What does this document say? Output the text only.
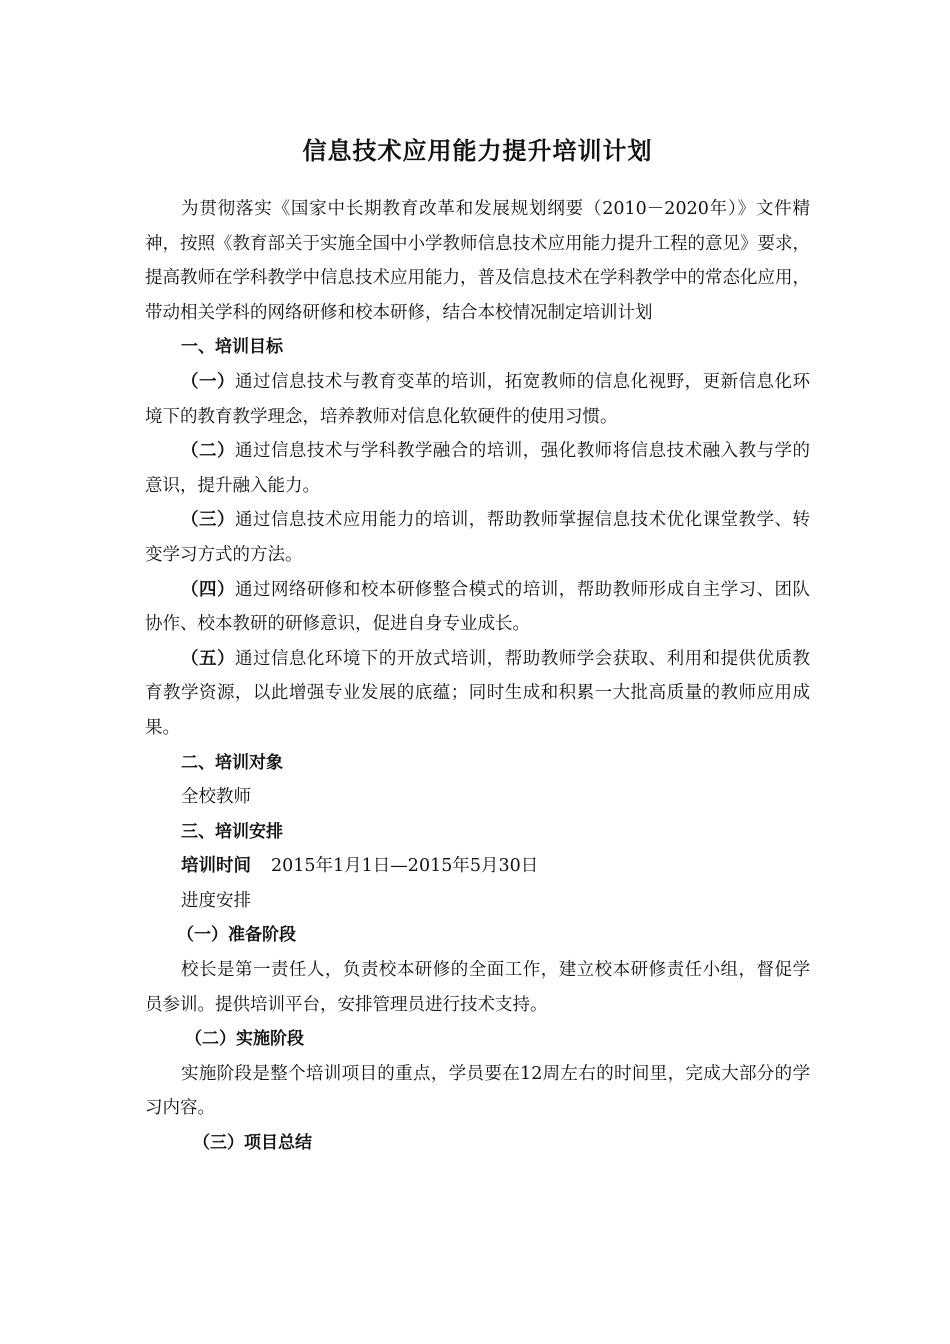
信息技术应用能力提升培训计划

为贯彻落实《国家中长期教育改革和发展规划纲要（2010－2020年）》文件精神，按照《教育部关于实施全国中小学教师信息技术应用能力提升工程的意见》要求，提高教师在学科教学中信息技术应用能力，普及信息技术在学科教学中的常态化应用，带动相关学科的网络研修和校本研修，结合本校情况制定培训计划

一、培训目标

（一）通过信息技术与教育变革的培训，拓宽教师的信息化视野，更新信息化环境下的教育教学理念，培养教师对信息化软硬件的使用习惯。

（二）通过信息技术与学科教学融合的培训，强化教师将信息技术融入教与学的意识，提升融入能力。

（三）通过信息技术应用能力的培训，帮助教师掌握信息技术优化课堂教学、转变学习方式的方法。

（四）通过网络研修和校本研修整合模式的培训，帮助教师形成自主学习、团队协作、校本教研的研修意识，促进自身专业成长。

（五）通过信息化环境下的开放式培训，帮助教师学会获取、利用和提供优质教育教学资源，以此增强专业发展的底蕴；同时生成和积累一大批高质量的教师应用成果。

二、培训对象

全校教师

三、培训安排

培训时间 2015年1月1日—2015年5月30日

进度安排

（一）准备阶段

校长是第一责任人，负责校本研修的全面工作，建立校本研修责任小组，督促学员参训。提供培训平台，安排管理员进行技术支持。

（二）实施阶段

实施阶段是整个培训项目的重点，学员要在12周左右的时间里，完成大部分的学习内容。

（三）项目总结
